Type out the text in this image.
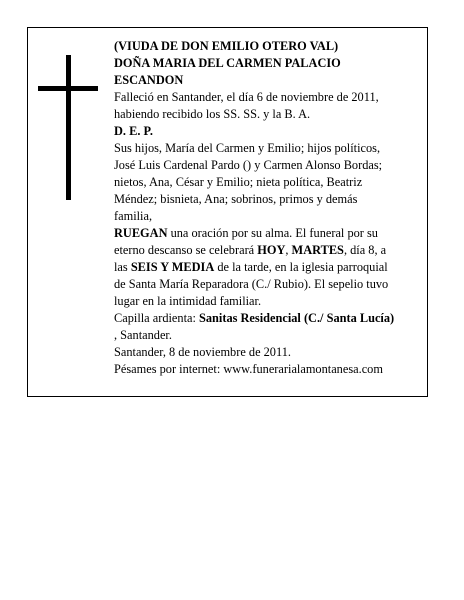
(VIUDA DE DON EMILIO OTERO VAL)
DOÑA MARIA DEL CARMEN PALACIO
ESCANDON
Falleció en Santander, el día 6 de noviembre de 2011,
habiendo recibido los SS. SS. y la B. A.
D. E. P.
Sus hijos, María del Carmen y Emilio; hijos políticos,
José Luis Cardenal Pardo () y Carmen Alonso Bordas;
nietos, Ana, César y Emilio; nieta política, Beatriz
Méndez; bisnieta, Ana; sobrinos, primos y demás
familia,
RUEGAN una oración por su alma. El funeral por su
eterno descanso se celebrará HOY, MARTES, día 8, a
las SEIS Y MEDIA de la tarde, en la iglesia parroquial
de Santa María Reparadora (C./ Rubio). El sepelio tuvo
lugar en la intimidad familiar.
Capilla ardienta: Sanitas Residencial (C./ Santa Lucía)
, Santander.
Santander, 8 de noviembre de 2011.
Pésames por internet: www.funerarialamontanesa.com
